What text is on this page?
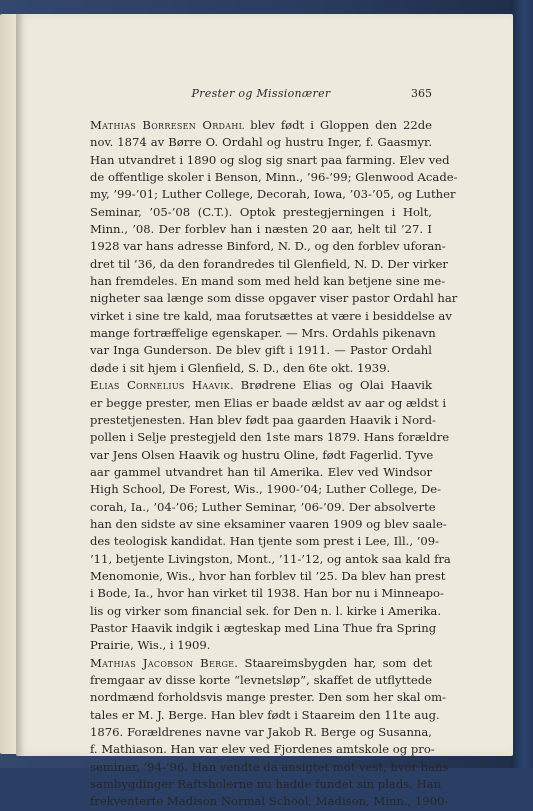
Prester og Missionærer	365
Mathias Borresen Ordahl blev født i Gloppen den 22de
nov. 1874 av Børre O. Ordahl og hustru Inger, f. Gaasmyr.
Han utvandret i 1890 og slog sig snart paa farming. Elev ved
de offentlige skoler i Benson, Minn., ’96-’99; Glenwood Acade-
my, ’99-’01; Luther College, Decorah, Iowa, ’03-’05, og Luther
Seminar, ’05-’08 (C.T.). Optok prestegjerningen i Holt,
Minn., ’08. Der forblev han i næsten 20 aar, helt til ’27. I
1928 var hans adresse Binford, N. D., og den forblev uforan-
dret til ’36, da den forandredes til Glenfield, N. D. Der virker
han fremdeles. En mand som med held kan betjene sine me-
nigheter saa længe som disse opgaver viser pastor Ordahl har
virket i sine tre kald, maa forutsættes at være i besiddelse av
mange fortræffelige egenskaper. — Mrs. Ordahls pikenavn
var Inga Gunderson. De blev gift i 1911. — Pastor Ordahl
døde i sit hjem i Glenfield, S. D., den 6te okt. 1939.
Elias Cornelius Haavik. Brødrene Elias og Olai Haavik
er begge prester, men Elias er baade ældst av aar og ældst i
prestetjenesten. Han blev født paa gaarden Haavik i Nord-
pollen i Selje prestegjeld den 1ste mars 1879. Hans forældre
var Jens Olsen Haavik og hustru Oline, født Fagerlid. Tyve
aar gammel utvandret han til Amerika. Elev ved Windsor
High School, De Forest, Wis., 1900-’04; Luther College, De-
corah, Ia., ’04-’06; Luther Seminar, ’06-’09. Der absolverte
han den sidste av sine eksaminer vaaren 1909 og blev saale-
des teologisk kandidat. Han tjente som prest i Lee, Ill., ’09-
’11, betjente Livingston, Mont., ’11-’12, og antok saa kald fra
Menomonie, Wis., hvor han forblev til ’25. Da blev han prest
i Bode, Ia., hvor han virket til 1938. Han bor nu i Minneapo-
lis og virker som financial sek. for Den n. l. kirke i Amerika.
Pastor Haavik indgik i ægteskap med Lina Thue fra Spring
Prairie, Wis., i 1909.
Mathias Jacobson Berge. Staareimsbygden har, som det
fremgaar av disse korte “levnetsløp”, skaffet de utflyttede
nordmænd forholdsvis mange prester. Den som her skal om-
tales er M. J. Berge. Han blev født i Staareim den 11te aug.
1876. Forældrenes navne var Jakob R. Berge og Susanna,
f. Mathiason. Han var elev ved Fjordenes amtskole og pro-
seminar, ’94-’96. Han vendte da ansigtet mot vest, hvor hans
sambygdinger Raftsholerne nu hadde fundet sin plads. Han
frekventerte Madison Normal School, Madison, Minn., 1900-
